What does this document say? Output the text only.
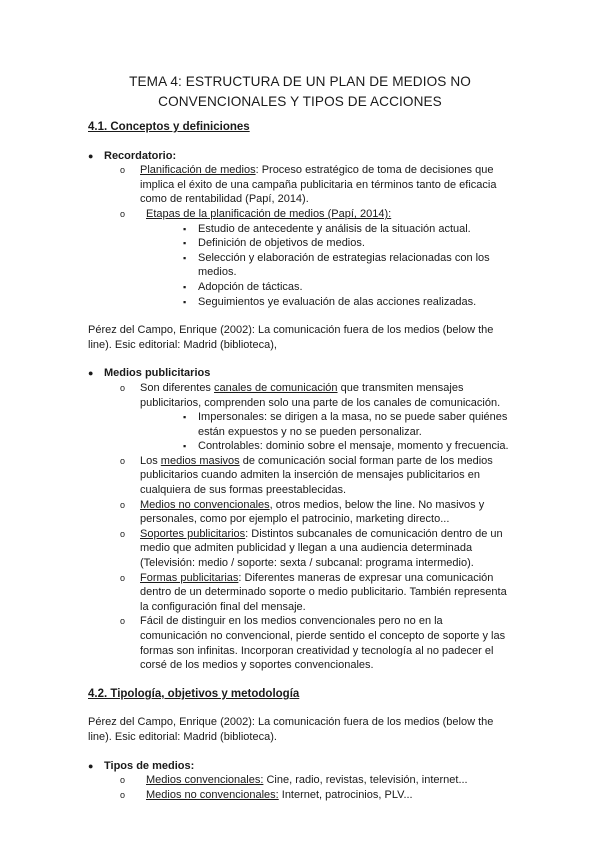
TEMA 4: ESTRUCTURA DE UN PLAN DE MEDIOS NO
CONVENCIONALES Y TIPOS DE ACCIONES

4.1. Conceptos y definiciones

● Recordatorio:
o Planificación de medios: Proceso estratégico de toma de decisiones que implica el éxito de una campaña publicitaria en términos tanto de eficacia como de rentabilidad (Papí, 2014).
o Etapas de la planificación de medios (Papí, 2014):
▪ Estudio de antecedente y análisis de la situación actual.
▪ Definición de objetivos de medios.
▪ Selección y elaboración de estrategias relacionadas con los medios.
▪ Adopción de tácticas.
▪ Seguimientos ye evaluación de alas acciones realizadas.

Pérez del Campo, Enrique (2002): La comunicación fuera de los medios (below the line). Esic editorial: Madrid (biblioteca),

● Medios publicitarios
o Son diferentes canales de comunicación que transmiten mensajes publicitarios, comprenden solo una parte de los canales de comunicación.
▪ Impersonales: se dirigen a la masa, no se puede saber quiénes están expuestos y no se pueden personalizar.
▪ Controlables: dominio sobre el mensaje, momento y frecuencia.
o Los medios masivos de comunicación social forman parte de los medios publicitarios cuando admiten la inserción de mensajes publicitarios en cualquiera de sus formas preestablecidas.
o Medios no convencionales, otros medios, below the line. No masivos y personales, como por ejemplo el patrocinio, marketing directo...
o Soportes publicitarios: Distintos subcanales de comunicación dentro de un medio que admiten publicidad y llegan a una audiencia determinada (Televisión: medio / soporte: sexta / subcanal: programa intermedio).
o Formas publicitarias: Diferentes maneras de expresar una comunicación dentro de un determinado soporte o medio publicitario. También representa la configuración final del mensaje.
o Fácil de distinguir en los medios convencionales pero no en la comunicación no convencional, pierde sentido el concepto de soporte y las formas son infinitas. Incorporan creatividad y tecnología al no padecer el corsé de los medios y soportes convencionales.

4.2. Tipología, objetivos y metodología

Pérez del Campo, Enrique (2002): La comunicación fuera de los medios (below the line). Esic editorial: Madrid (biblioteca).

● Tipos de medios:
o Medios convencionales: Cine, radio, revistas, televisión, internet...
o Medios no convencionales: Internet, patrocinios, PLV...
